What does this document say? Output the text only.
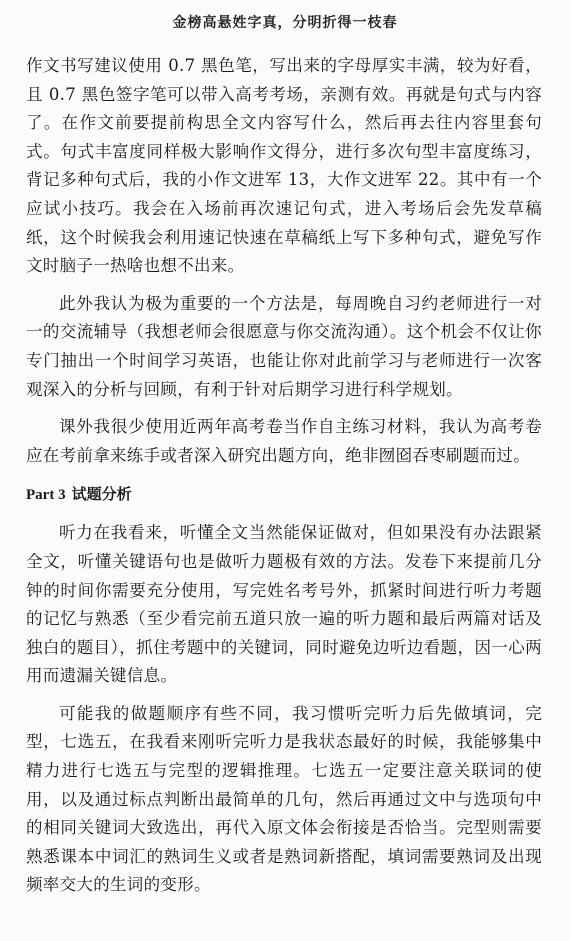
金榜高悬姓字真，分明折得一枝春

作文书写建议使用 0.7 黑色笔，写出来的字母厚实丰满，较为好看，且 0.7 黑色签字笔可以带入高考考场，亲测有效。再就是句式与内容了。在作文前要提前构思全文内容写什么，然后再去往内容里套句式。句式丰富度同样极大影响作文得分，进行多次句型丰富度练习，背记多种句式后，我的小作文进军 13，大作文进军 22。其中有一个应试小技巧。我会在入场前再次速记句式，进入考场后会先发草稿纸，这个时候我会利用速记快速在草稿纸上写下多种句式，避免写作文时脑子一热啥也想不出来。

此外我认为极为重要的一个方法是，每周晚自习约老师进行一对一的交流辅导（我想老师会很愿意与你交流沟通）。这个机会不仅让你专门抽出一个时间学习英语，也能让你对此前学习与老师进行一次客观深入的分析与回顾，有利于针对后期学习进行科学规划。

课外我很少使用近两年高考卷当作自主练习材料，我认为高考卷应在考前拿来练手或者深入研究出题方向，绝非囫囵吞枣刷题而过。

Part 3 试题分析

听力在我看来，听懂全文当然能保证做对，但如果没有办法跟紧全文，听懂关键语句也是做听力题极有效的方法。发卷下来提前几分钟的时间你需要充分使用，写完姓名考号外，抓紧时间进行听力考题的记忆与熟悉（至少看完前五道只放一遍的听力题和最后两篇对话及独白的题目），抓住考题中的关键词，同时避免边听边看题，因一心两用而遗漏关键信息。

可能我的做题顺序有些不同，我习惯听完听力后先做填词，完型，七选五，在我看来刚听完听力是我状态最好的时候，我能够集中精力进行七选五与完型的逻辑推理。七选五一定要注意关联词的使用，以及通过标点判断出最简单的几句，然后再通过文中与选项句中的相同关键词大致选出，再代入原文体会衔接是否恰当。完型则需要熟悉课本中词汇的熟词生义或者是熟词新搭配，填词需要熟词及出现频率交大的生词的变形。
